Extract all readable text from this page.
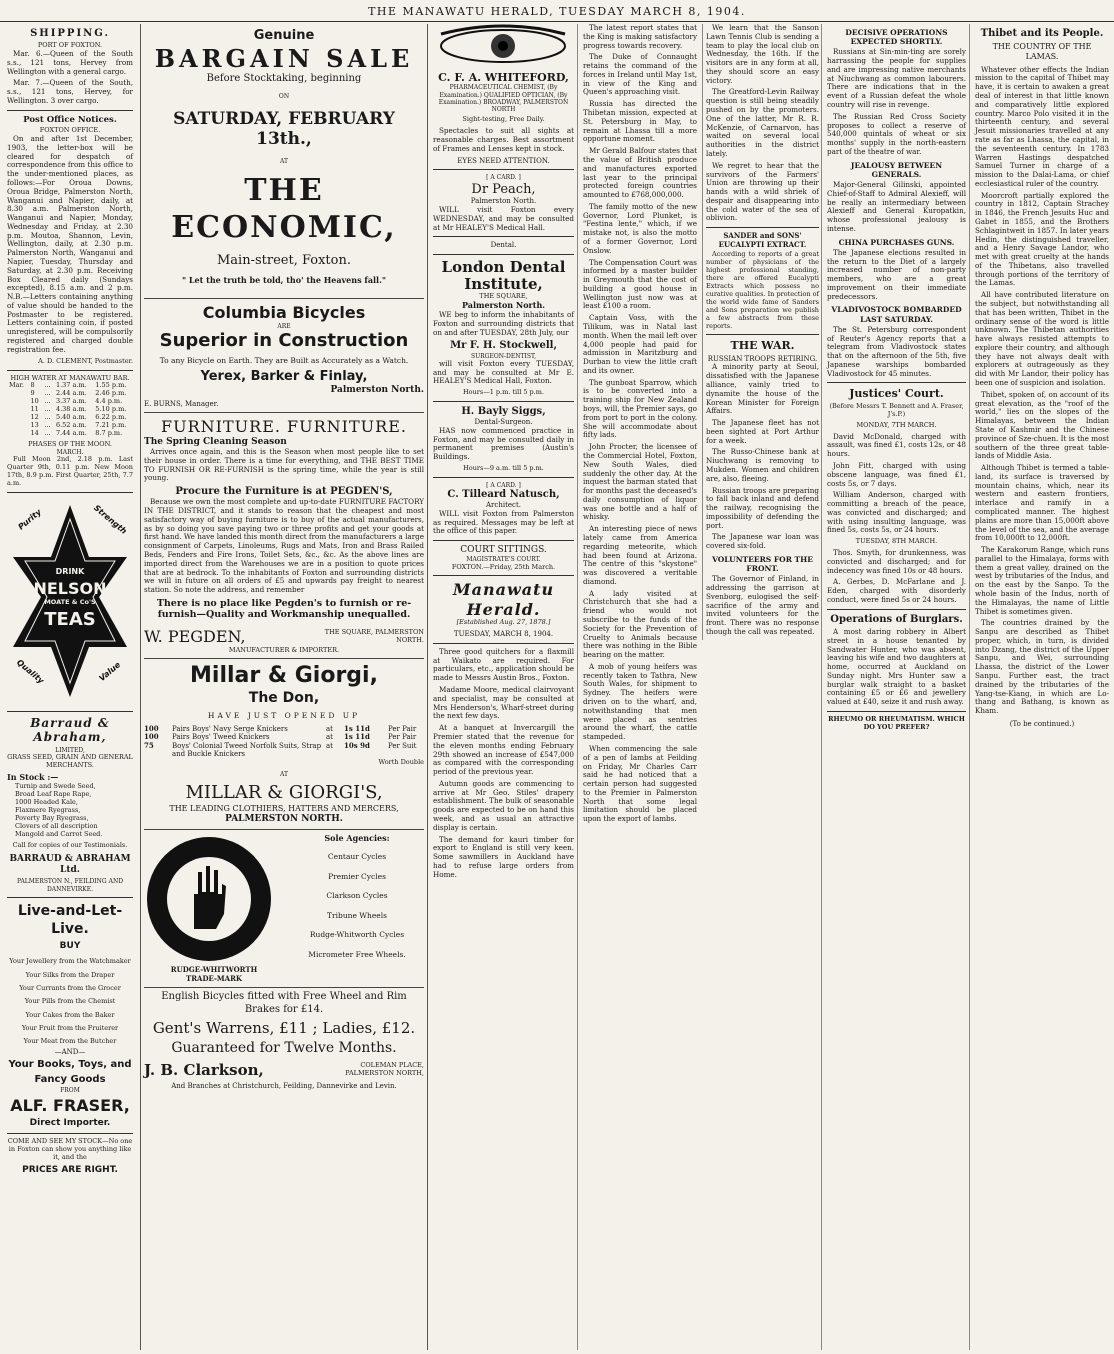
THE MANAWATU HERALD, TUESDAY MARCH 8, 1904.
SHIPPING.
PORT OF FOXTON.

Mar. 6.—Queen of the South s.s., 121 tons, Hervey from Wellington with a general cargo.

Mar. 7.—Queen of the South, s.s., 121 tons, Hervey, for Wellington. 3 over cargo.

Post Office Notices.
FOXTON OFFICE.

On and after 1st December, 1903, the letter-box will be cleared for despatch of correspondence from this office to the under-mentioned places, as follows:—For Oroua Downs, Oroua Bridge, Palmerston North, Wanganui and Napier, daily, at 8.30 a.m. Palmerston North, Wanganui and Napier, Monday, Wednesday and Friday, at 2.30 p.m. Moutoa, Shannon, Levin, Wellington, daily, at 2.30 p.m. Palmerston North, Wanganui and Napier, Tuesday, Thursday and Saturday, at 2.30 p.m. Receiving Box Cleared daily (Sundays excepted), 8.15 a.m. and 2 p.m. N.B.—Letters containing anything of value should be handed to the Postmaster to be registered. Letters containing coin, if posted unregistered, will be compulsorily registered and charged double registration fee.

A. D. CLEMENT, Postmaster.
HIGH WATER AT MANAWATU BAR.
Mar.	8	...	1.37 a.m.	1.55 p.m.
	9	...	2.44 a.m.	2.46 p.m.
	10	...	3.37 a.m.	4.4 p.m.
	11	...	4.38 a.m.	5.10 p.m.
	12	...	5.40 a.m.	6.22 p.m.
	13	...	6.52 a.m.	7.21 p.m.
	14	...	7.44 a.m.	8.7 p.m.
PHASES OF THE MOON.
MARCH.

Full Moon 2nd, 2.18 p.m. Last Quarter 9th, 0.11 p.m. New Moon 17th, 8.9 p.m. First Quarter, 25th, 7.7 a.m.

Purity	Strength
DRINK
NELSON
MOATE & Co'S
TEAS
Quality	Value
Barraud & Abraham,
LIMITED,
GRASS SEED, GRAIN AND GENERAL MERCHANTS.
In Stock :—
Turnip and Swede Seed,
Broad Leaf Rape Rape,
1000 Headed Kale,
Flaxmere Ryegrass,
Poverty Bay Ryegrass,
Clovers of all description
Mangold and Carrot Seed.
Call for copies of our Testimonials.
BARRAUD & ABRAHAM Ltd.
PALMERSTON N., FEILDING AND DANNEVIRKE.
Live-and-Let-Live.
BUY
Your Jewellery from the Watchmaker
Your Silks from the Draper
Your Currants from the Grocer
Your Pills from the Chemist
Your Cakes from the Baker
Your Fruit from the Fruiterer
Your Meat from the Butcher
—AND—
Your Books, Toys, and Fancy Goods
FROM
ALF. FRASER,
Direct Importer.
COME AND SEE MY STOCK—No one in Foxton can show you anything like it, and the
PRICES ARE RIGHT.
Genuine
BARGAIN SALE
Before Stocktaking, beginning
ON
SATURDAY, FEBRUARY 13th.,
AT
THE ECONOMIC,
Main-street, Foxton.
" Let the truth be told, tho' the Heavens fall."
Columbia Bicycles
ARE
Superior in Construction
To any Bicycle on Earth. They are Built as Accurately as a Watch.
Yerex, Barker & Finlay,
Palmerston North.
E. BURNS, Manager.
FURNITURE. FURNITURE.
The Spring Cleaning Season

Arrives once again, and this is the Season when most people like to set their house in order. There is a time for everything, and THE BEST TIME TO FURNISH OR RE-FURNISH is the spring time, while the year is still young.

Procure the Furniture is at PEGDEN'S,

Because we own the most complete and up-to-date FURNITURE FACTORY IN THE DISTRICT, and it stands to reason that the cheapest and most satisfactory way of buying furniture is to buy of the actual manufacturers, as by so doing you save paying two or three profits and get your goods at first hand. We have landed this month direct from the manufacturers a large consignment of Carpets, Linoleums, Rugs and Mats, Iron and Brass Railed Beds, Fenders and Fire Irons, Toilet Sets, &c., &c. As the above lines are imported direct from the Warehouses we are in a position to quote prices that are at bedrock. To the inhabitants of Foxton and surrounding districts we will in future on all orders of £5 and upwards pay freight to nearest station. So note the address, and remember

There is no place like Pegden's to furnish or re-furnish—Quality and Workmanship unequalled.
W. PEGDEN,	THE SQUARE, PALMERSTON NORTH.
MANUFACTURER & IMPORTER.
Millar & Giorgi,
The Don,
HAVE JUST OPENED UP
100	Pairs Boys' Navy Serge Knickers	at	1s 11d	Per Pair
100	Pairs Boys' Tweed Knickers	at	1s 11d	Per Pair
75	Boys' Colonial Tweed Norfolk Suits, Strap and Buckle Knickers
at	10s 9d	Per Suit
Worth Double
AT
MILLAR & GIORGI'S,
THE LEADING CLOTHIERS, HATTERS AND MERCERS,
PALMERSTON NORTH.
RUDGE-WHITWORTH
TRADE-MARK
Sole Agencies:
Centaur Cycles
Premier Cycles
Clarkson Cycles
Tribune Wheels
Rudge-Whitworth Cycles
Micrometer Free Wheels.
English Bicycles fitted with Free Wheel and Rim Brakes for £14.
Gent's Warrens, £11 ; Ladies, £12.
Guaranteed for Twelve Months.
J. B. Clarkson,	COLEMAN PLACE, PALMERSTON NORTH,
And Branches at Christchurch, Feilding, Dannevirke and Levin.
C. F. A. WHITEFORD,
PHARMACEUTICAL CHEMIST, (By Examination.) QUALIFIED OPTICIAN, (By Examination.) BROADWAY, PALMERSTON NORTH
Sight-testing, Free Daily.

Spectacles to suit all sights at reasonable charges. Best assortment of Frames and Lenses kept in stock.

EYES NEED ATTENTION.
[ A CARD. ]
Dr Peach,
Palmerston North.

WILL visit Foxton every WEDNESDAY, and may be consulted at Mr HEALEY'S Medical Hall.

Dental.
London Dental Institute,
THE SQUARE,
Palmerston North.

WE beg to inform the inhabitants of Foxton and surrounding districts that on and after TUESDAY, 28th July, our

Mr F. H. Stockwell,
SURGEON-DENTIST,

will visit Foxton every TUESDAY, and may be consulted at Mr E. HEALEY'S Medical Hall, Foxton.

Hours—1 p.m. till 5 p.m.
H. Bayly Siggs,
Dental-Surgeon.

HAS now commenced practice in Foxton, and may be consulted daily in permanent premises (Austin's Buildings.

Hours—9 a.m. till 5 p.m.
[ A CARD. ]
C. Tilleard Natusch,
Architect.

WILL visit Foxton from Palmerston as required. Messages may be left at the office of this paper.

COURT SITTINGS.
MAGISTRATE'S COURT.
FOXTON.—Friday, 25th March.
Manawatu Herald.
[Established Aug. 27, 1878.]
TUESDAY, MARCH 8, 1904.

Three good quitchers for a flaxmill at Waikato are required. For particulars, etc., application should be made to Messrs Austin Bros., Foxton.

Madame Moore, medical clairvoyant and specialist, may be consulted at Mrs Henderson's, Wharf-street during the next few days.

At a banquet at Invercargill the Premier stated that the revenue for the eleven months ending February 29th showed an increase of £547,000 as compared with the corresponding period of the previous year.

Autumn goods are commencing to arrive at Mr Geo. Stiles' drapery establishment. The bulk of seasonable goods are expected to be on hand this week, and as usual an attractive display is certain.

The demand for kauri timber for export to England is still very keen. Some sawmillers in Auckland have had to refuse large orders from Home.

The latest report states that the King is making satisfactory progress towards recovery.

The Duke of Connaught retains the command of the forces in Ireland until May 1st, in view of the King and Queen's approaching visit.

Russia has directed the Thibetan mission, expected at St. Petersburg in May, to remain at Lhassa till a more opportune moment.

Mr Gerald Balfour states that the value of British produce and manufactures exported last year to the principal protected foreign countries amounted to £768,000,000.

The family motto of the new Governor, Lord Plunket, is "Festina lente," which, if we mistake not, is also the motto of a former Governor, Lord Onslow.

The Compensation Court was informed by a master builder in Greymouth that the cost of building a good house in Wellington just now was at least £100 a room.

Captain Voss, with the Tilikum, was in Natal last month. When the mail left over 4,000 people had paid for admission in Maritzburg and Durban to view the little craft and its owner.

The gunboat Sparrow, which is to be converted into a training ship for New Zealand boys, will, the Premier says, go from port to port in the colony. She will accommodate about fifty lads.

John Procter, the licensee of the Commercial Hotel, Foxton, New South Wales, died suddenly the other day. At the inquest the barman stated that for months past the deceased's daily consumption of liquor was one bottle and a half of whisky.

An interesting piece of news lately came from America regarding meteorite, which had been found at Arizona. The centre of this "skystone" was discovered a veritable diamond.

A lady visited at Christchurch that she had a friend who would not subscribe to the funds of the Society for the Prevention of Cruelty to Animals because there was nothing in the Bible bearing on the matter.

A mob of young heifers was recently taken to Tathra, New South Wales, for shipment to Sydney. The heifers were driven on to the wharf, and, notwithstanding that men were placed as sentries around the wharf, the cattle stampeded.

When commencing the sale of a pen of lambs at Feilding on Friday, Mr Charles Carr said he had noticed that a certain person had suggested to the Premier in Palmerston North that some legal limitation should be placed upon the export of lambs.

We learn that the Sanson Lawn Tennis Club is sending a team to play the local club on Wednesday, the 16th. If the visitors are in any form at all, they should score an easy victory.

The Greatford-Levin Railway question is still being steadily pushed on by the promoters. One of the latter, Mr R. R. McKenzie, of Carnarvon, has waited on several local authorities in the district lately.

We regret to hear that the survivors of the Farmers' Union are throwing up their hands with a wild shriek of despair and disappearing into the cold water of the sea of oblivion.

SANDER and SONS' EUCALYPTI EXTRACT.

According to reports of a great number of physicians of the highest professional standing, there are offered Eucalypti Extracts which possess no curative qualities. In protection of the world wide fame of Sanders and Sons preparation we publish a few abstracts from these reports.

THE WAR.
RUSSIAN TROOPS RETIRING.

A minority party at Seoul, dissatisfied with the Japanese alliance, vainly tried to dynamite the house of the Korean Minister for Foreign Affairs.

The Japanese fleet has not been sighted at Port Arthur for a week.

The Russo-Chinese bank at Niuchwang is removing to Mukden. Women and children are, also, fleeing.

Russian troops are preparing to fall back inland and defend the railway, recognising the impossibility of defending the port.

The Japanese war loan was covered six-fold.

VOLUNTEERS FOR THE FRONT.

The Governor of Finland, in addressing the garrison at Svenborg, eulogised the self-sacrifice of the army and invited volunteers for the front. There was no response though the call was repeated.

DECISIVE OPERATIONS EXPECTED SHORTLY.

Russians at Sin-min-ting are sorely harrassing the people for supplies and are impressing native merchants at Niuchwang as common labourers. There are indications that in the event of a Russian defeat the whole country will rise in revenge.

The Russian Red Cross Society proposes to collect a reserve of 540,000 quintals of wheat or six months' supply in the north-eastern part of the theatre of war.

JEALOUSY BETWEEN GENERALS.

Major-General Gilinski, appointed Chief-of-Staff to Admiral Alexieff, will be really an intermediary between Alexieff and General Kuropatkin, whose professional jealousy is intense.

CHINA PURCHASES GUNS.

The Japanese elections resulted in the return to the Diet of a largely increased number of non-party members, who are a great improvement on their immediate predecessors.

VLADIVOSTOCK BOMBARDED LAST SATURDAY.

The St. Petersburg correspondent of Reuter's Agency reports that a telegram from Vladivostock states that on the afternoon of the 5th, five Japanese warships bombarded Vladivostock for 45 minutes.

Justices' Court.
(Before Messrs T. Bennett and A. Fraser, J's.P.)
MONDAY, 7TH MARCH.

David McDonald, charged with assault, was fined £1, costs 12s, or 48 hours.

John Fitt, charged with using obscene language, was fined £1, costs 5s, or 7 days.

William Anderson, charged with committing a breach of the peace, was convicted and discharged; and with using insulting language, was fined 5s, costs 5s, or 24 hours.

TUESDAY, 8TH MARCH.

Thos. Smyth, for drunkenness, was convicted and discharged; and for indecency was fined 10s or 48 hours.

A. Gerbes, D. McFarlane and J. Eden, charged with disorderly conduct, were fined 5s or 24 hours.

Operations of Burglars.

A most daring robbery in Albert street in a house tenanted by Sandwater Hunter, who was absent, leaving his wife and two daughters at home, occurred at Auckland on Sunday night. Mrs Hunter saw a burglar walk straight to a basket containing £5 or £6 and jewellery valued at £40, seize it and rush away.

RHEUMO OR RHEUMATISM. WHICH DO YOU PREFER?
Thibet and its People.
THE COUNTRY OF THE LAMAS.

Whatever other effects the Indian mission to the capital of Thibet may have, it is certain to awaken a great deal of interest in that little known and comparatively little explored country. Marco Polo visited it in the thirteenth century, and several Jesuit missionaries travelled at any rate as far as Lhassa, the capital, in the seventeenth century. In 1783 Warren Hastings despatched Samuel Turner in charge of a mission to the Dalai-Lama, or chief ecclesiastical ruler of the country.

Moorcroft partially explored the country in 1812, Captain Strachey in 1846, the French Jesuits Huc and Gabet in 1855, and the Brothers Schlagintweit in 1857. In later years Hedin, the distinguished traveller, and a Henry Savage Landor, who met with great cruelty at the hands of the Thibetans, also travelled through portions of the territory of the Lamas.

All have contributed literature on the subject, but notwithstanding all that has been written, Thibet in the ordinary sense of the word is little unknown. The Thibetan authorities have always resisted attempts to explore their country, and although they have not always dealt with explorers at outrageously as they did with Mr Landor, their policy has been one of suspicion and isolation.

Thibet, spoken of, on account of its great elevation, as the "roof of the world," lies on the slopes of the Himalayas, between the Indian State of Kashmir and the Chinese province of Sze-chuen. It is the most southern of the three great table-lands of Middle Asia.

Although Thibet is termed a table-land, its surface is traversed by mountain chains, which, near its western and eastern frontiers, interlace and ramify in a complicated manner. The highest plains are more than 15,000ft above the level of the sea, and the average from 10,000ft to 12,000ft.

The Karakorum Range, which runs parallel to the Himalaya, forms with them a great valley, drained on the west by tributaries of the Indus, and on the east by the Sanpo. To the whole basin of the Indus, north of the Himalayas, the name of Little Thibet is sometimes given.

The countries drained by the Sanpu are described as Thibet proper, which, in turn, is divided into Dzang, the district of the Upper Sanpu, and Wei, surrounding Lhassa, the district of the Lower Sanpu. Further east, the tract drained by the tributaries of the Yang-tse-Kiang, in which are Lo-thang and Bathang, is known as Kham.

(To be continued.)
